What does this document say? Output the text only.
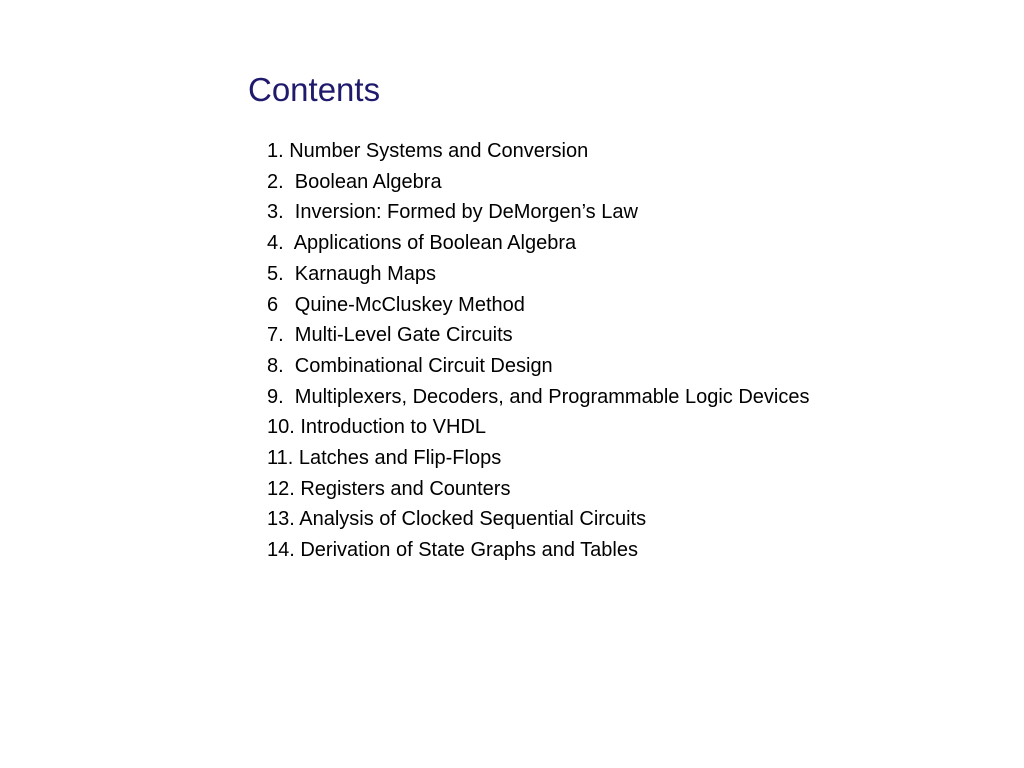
Contents
1. Number Systems and Conversion
2.  Boolean Algebra
3.  Inversion: Formed by DeMorgen’s Law
4.  Applications of Boolean Algebra
5.  Karnaugh Maps
6   Quine-McCluskey Method
7.  Multi-Level Gate Circuits
8.  Combinational Circuit Design
9.  Multiplexers, Decoders, and Programmable Logic Devices
10. Introduction to VHDL
11. Latches and Flip-Flops
12. Registers and Counters
13. Analysis of Clocked Sequential Circuits
14. Derivation of State Graphs and Tables
